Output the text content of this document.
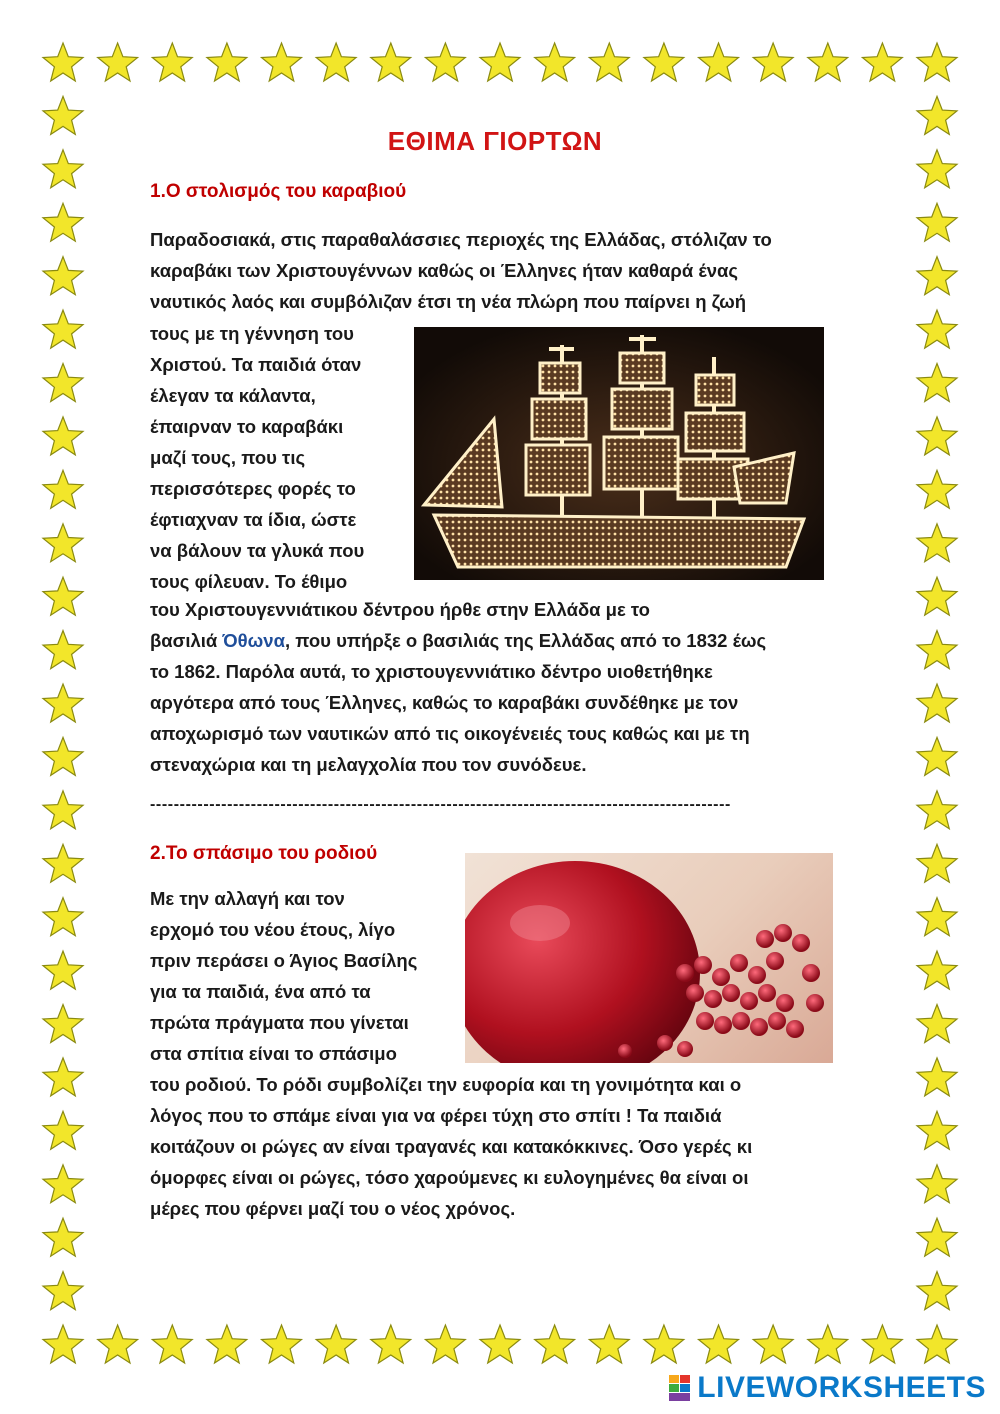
ΕΘΙΜΑ ΓΙΟΡΤΩΝ
1.Ο στολισμός του καραβιού
Παραδοσιακά, στις παραθαλάσσιες περιοχές της Ελλάδας, στόλιζαν το
καραβάκι των Χριστουγέννων καθώς οι Έλληνες ήταν καθαρά ένας
ναυτικός λαός και συμβόλιζαν έτσι τη νέα πλώρη που παίρνει η ζωή
τους με τη γέννηση του
Χριστού. Τα παιδιά όταν
έλεγαν τα κάλαντα,
έπαιρναν το καραβάκι
μαζί τους, που τις
περισσότερες φορές το
έφτιαχναν τα ίδια, ώστε
να βάλουν τα γλυκά που
τους φίλευαν. Το έθιμο
του Χριστουγεννιάτικου δέντρου ήρθε στην Ελλάδα με το
βασιλιά Όθωνα, που υπήρξε ο βασιλιάς της Ελλάδας από το 1832 έως
το 1862. Παρόλα αυτά, το χριστουγεννιάτικο δέντρο υιοθετήθηκε
αργότερα από τους Έλληνες, καθώς το καραβάκι συνδέθηκε με τον
αποχωρισμό των ναυτικών από τις οικογένειές τους καθώς και με τη
στεναχώρια και τη μελαγχολία που τον συνόδευε.
--------------------------------------------------------------------------------------------------
2.Το σπάσιμο του ροδιού
Με την αλλαγή και τον
ερχομό του νέου έτους, λίγο
πριν περάσει ο Άγιος Βασίλης
για τα παιδιά, ένα από τα
πρώτα πράγματα που γίνεται
στα σπίτια είναι το σπάσιμο
του ροδιού. Το ρόδι συμβολίζει την ευφορία και τη γονιμότητα και ο
λόγος που το σπάμε είναι για να φέρει τύχη στο σπίτι ! Τα παιδιά
κοιτάζουν οι ρώγες αν είναι τραγανές και κατακόκκινες. Όσο γερές κι
όμορφες είναι οι ρώγες, τόσο χαρούμενες κι ευλογημένες θα είναι οι
μέρες που φέρνει μαζί του ο νέος χρόνος.
LIVEWORKSHEETS
